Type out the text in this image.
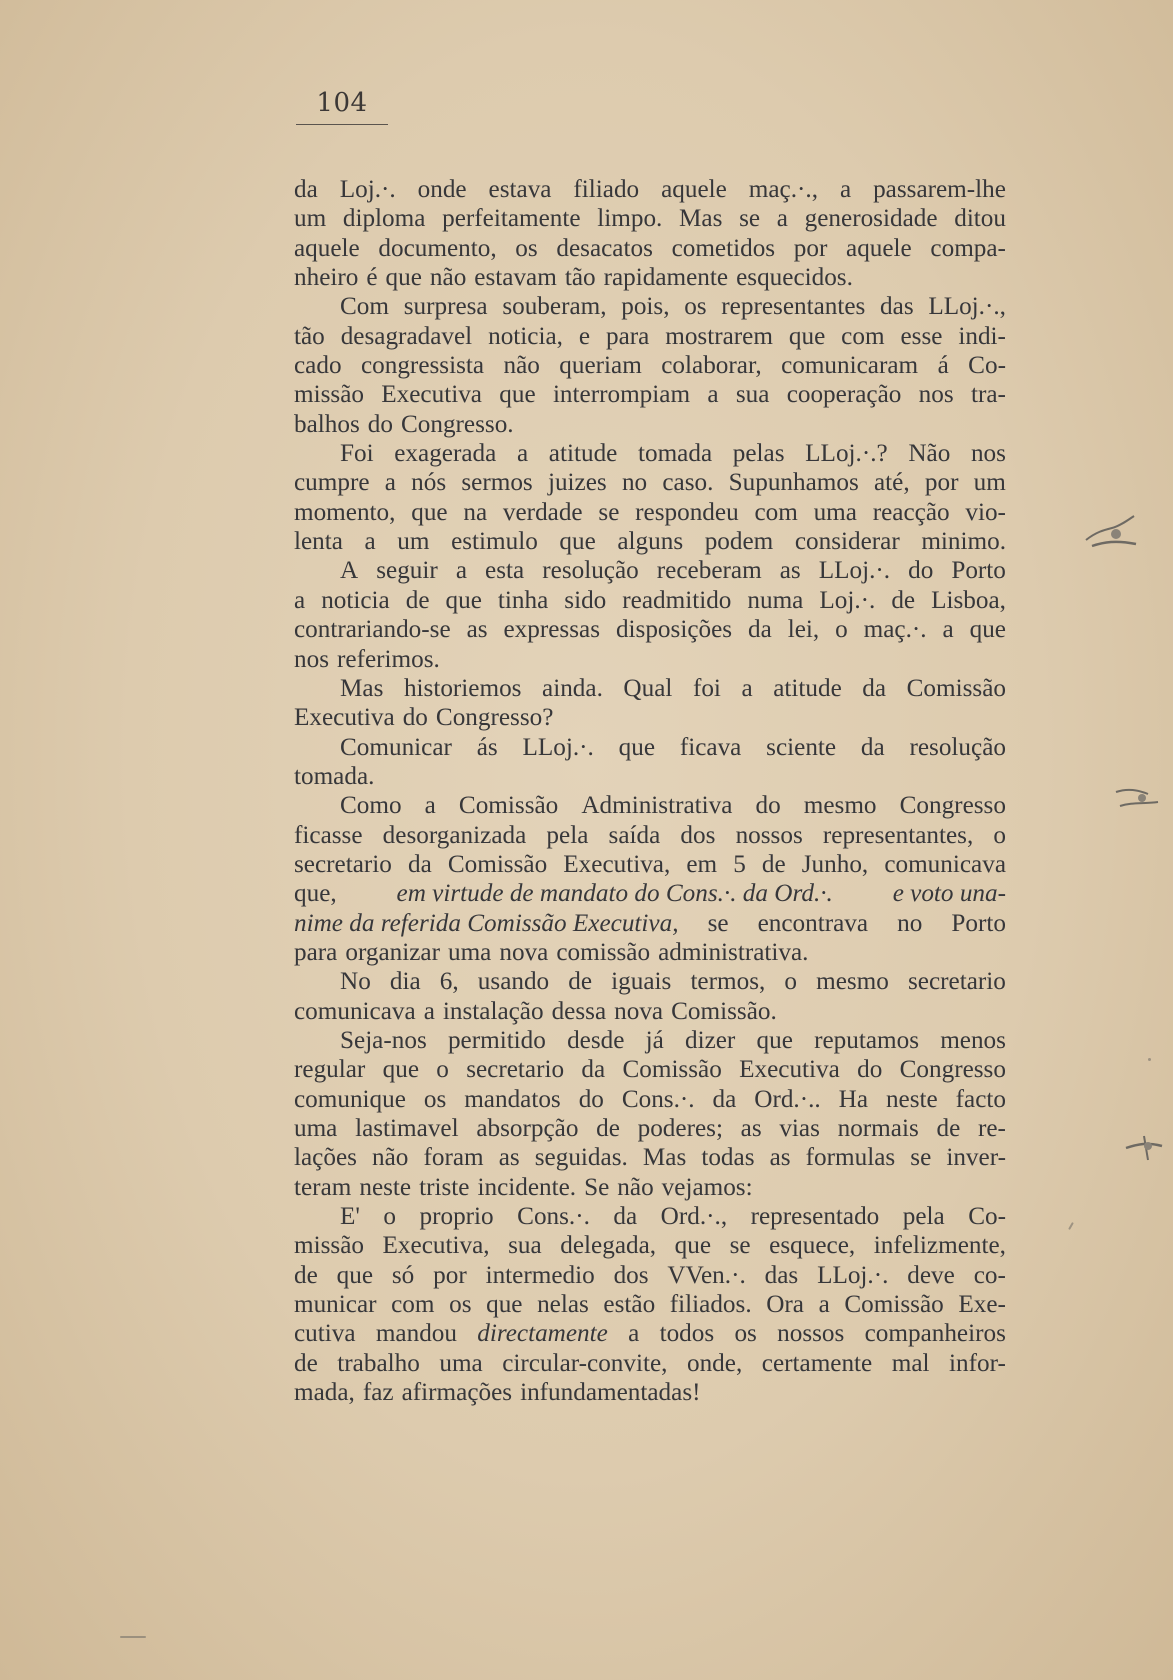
104
da Loj.·. onde estava filiado aquele maç.·., a passarem-lhe
um diploma perfeitamente limpo. Mas se a generosidade ditou
aquele documento, os desacatos cometidos por aquele compa-
nheiro é que não estavam tão rapidamente esquecidos.
Com surpresa souberam, pois, os representantes das LLoj.·.,
tão desagradavel noticia, e para mostrarem que com esse indi-
cado congressista não queriam colaborar, comunicaram á Co-
missão Executiva que interrompiam a sua cooperação nos tra-
balhos do Congresso.
Foi exagerada a atitude tomada pelas LLoj.·.? Não nos
cumpre a nós sermos juizes no caso. Supunhamos até, por um
momento, que na verdade se respondeu com uma reacção vio-
lenta a um estimulo que alguns podem considerar minimo.
A seguir a esta resolução receberam as LLoj.·. do Porto
a noticia de que tinha sido readmitido numa Loj.·. de Lisboa,
contrariando-se as expressas disposições da lei, o maç.·. a que
nos referimos.
Mas historiemos ainda. Qual foi a atitude da Comissão
Executiva do Congresso?
Comunicar ás LLoj.·. que ficava sciente da resolução
tomada.
Como a Comissão Administrativa do mesmo Congresso
ficasse desorganizada pela saída dos nossos representantes, o
secretario da Comissão Executiva, em 5 de Junho, comunicava
que, em virtude de mandato do Cons.·. da Ord.·. e voto una-
nime da referida Comissão Executiva, se encontrava no Porto
para organizar uma nova comissão administrativa.
No dia 6, usando de iguais termos, o mesmo secretario
comunicava a instalação dessa nova Comissão.
Seja-nos permitido desde já dizer que reputamos menos
regular que o secretario da Comissão Executiva do Congresso
comunique os mandatos do Cons.·. da Ord.·.. Ha neste facto
uma lastimavel absorpção de poderes; as vias normais de re-
lações não foram as seguidas. Mas todas as formulas se inver-
teram neste triste incidente. Se não vejamos:
E' o proprio Cons.·. da Ord.·., representado pela Co-
missão Executiva, sua delegada, que se esquece, infelizmente,
de que só por intermedio dos VVen.·. das LLoj.·. deve co-
municar com os que nelas estão filiados. Ora a Comissão Exe-
cutiva mandou directamente a todos os nossos companheiros
de trabalho uma circular-convite, onde, certamente mal infor-
mada, faz afirmações infundamentadas!
